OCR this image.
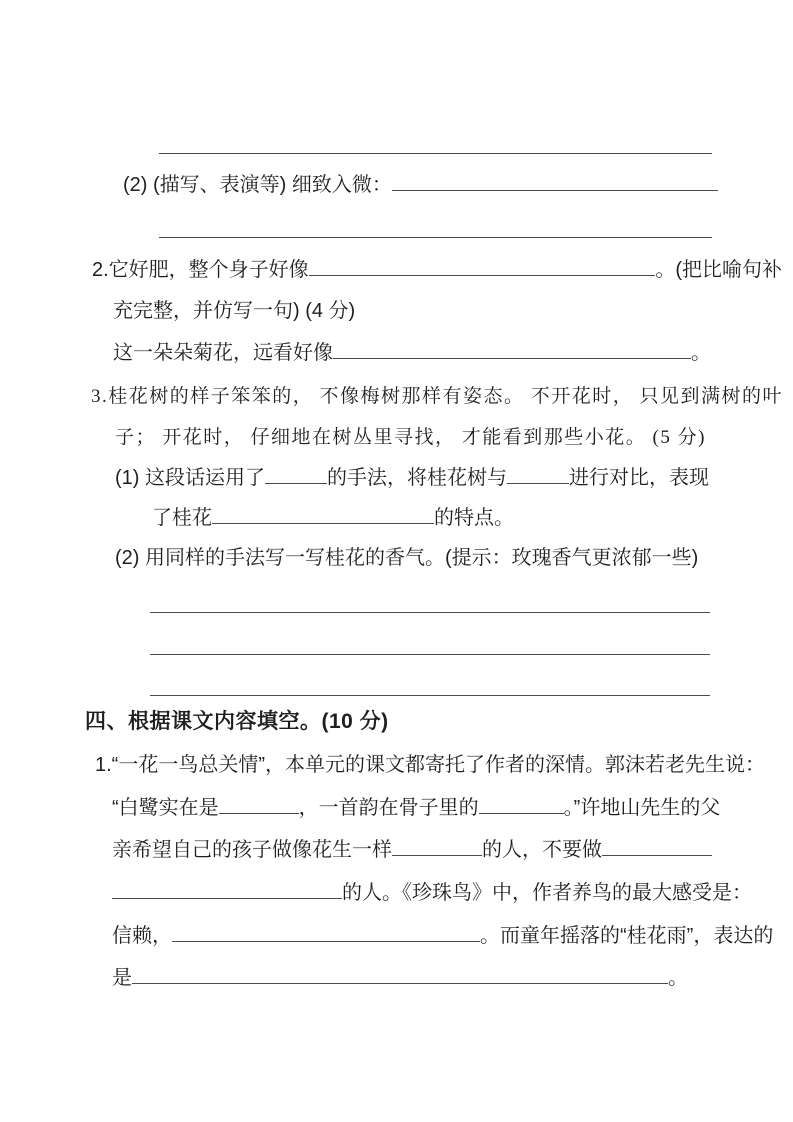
(2) (描写、表演等) 细致入微：
2.它好肥，整个身子好像	。(把比喻句补
充完整，并仿写一句) (4 分)
这一朵朵菊花，远看好像	。
3.桂花树的样子笨笨的， 不像梅树那样有姿态。 不开花时， 只见到满树的叶
子； 开花时， 仔细地在树丛里寻找， 才能看到那些小花。 (5 分)
(1) 这段话运用了	的手法，将桂花树与	进行对比，表现
了桂花	的特点。
(2) 用同样的手法写一写桂花的香气。(提示：玫瑰香气更浓郁一些)
四、根据课文内容填空。(10 分)
1.“一花一鸟总关情”，本单元的课文都寄托了作者的深情。郭沫若老先生说：
“白鹭实在是	，一首韵在骨子里的	。”许地山先生的父
亲希望自己的孩子做像花生一样	的人，不要做
的人。《珍珠鸟》中，作者养鸟的最大感受是：
信赖，	。而童年摇落的“桂花雨”，表达的
是	。
